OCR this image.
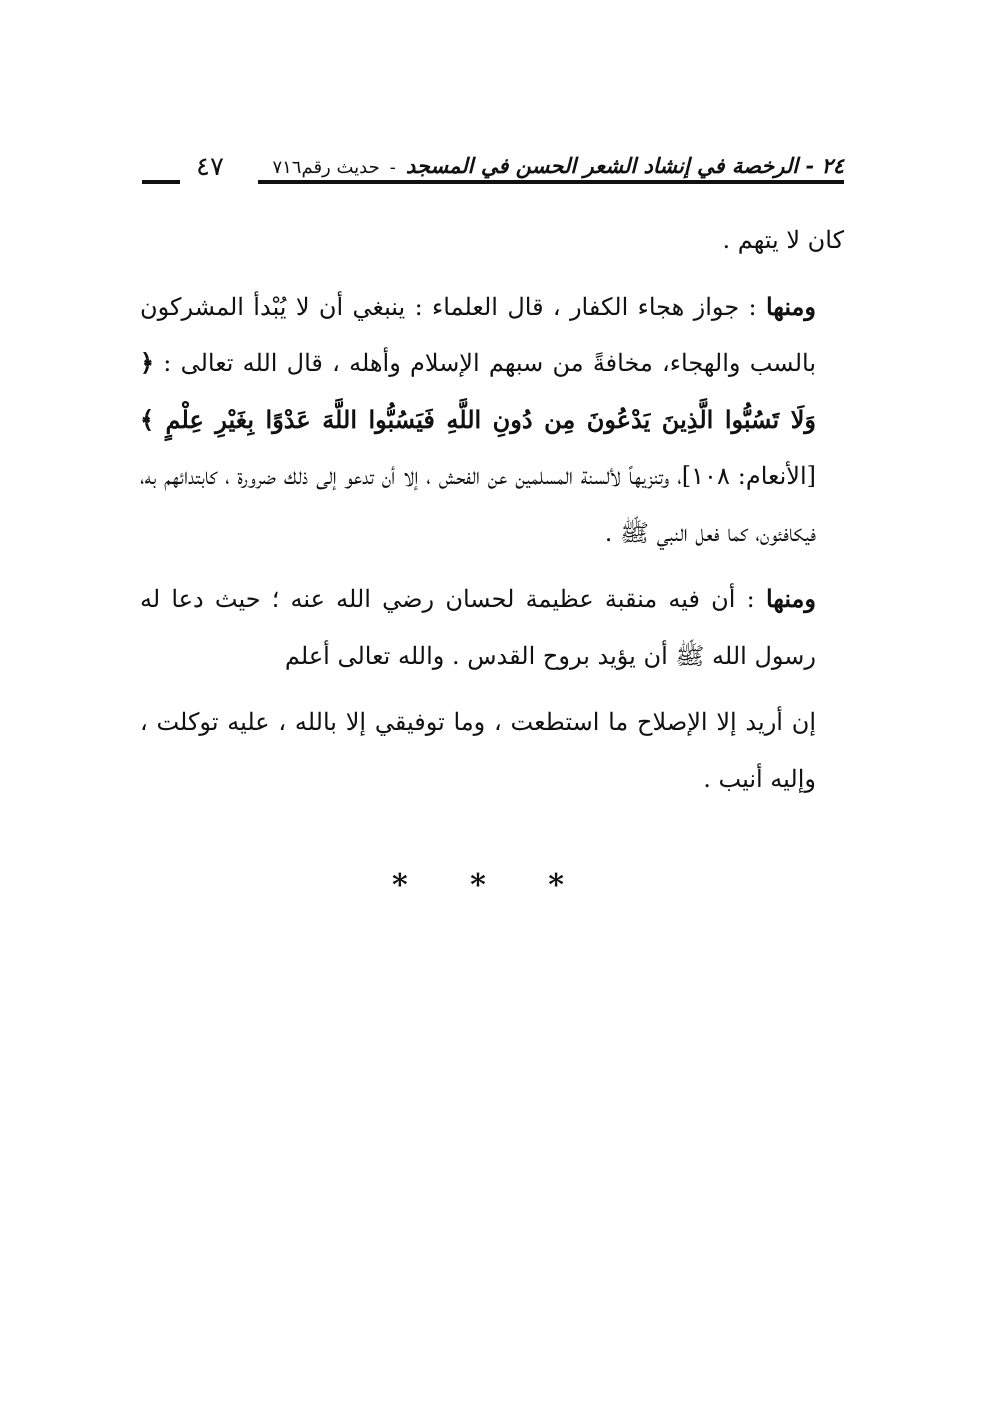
٢٤ - الرخصة في إنشاد الشعر الحسن في المسجد
-
حديث رقم٧١٦
٤٧

كان لا يتهم .

ومنها : جواز هجاء الكفار ، قال العلماء : ينبغي أن لا يُبْدأ المشركون بالسب والهجاء، مخافةً من سبهم الإسلام وأهله ، قال الله تعالى : ﴿ وَلَا تَسُبُّوا الَّذِينَ يَدْعُونَ مِن دُونِ اللَّهِ فَيَسُبُّوا اللَّهَ عَدْوًا بِغَيْرِ عِلْمٍ ﴾ [الأنعام: ١٠٨]، وتنزيهاً لألسنة المسلمين عن الفحش ، إلا أن تدعو إلى ذلك ضرورة ، كابتدائهم به، فيكافئون، كما فعل النبي ﷺ .

ومنها : أن فيه منقبة عظيمة لحسان رضي الله عنه ؛ حيث دعا له رسول الله ﷺ أن يؤيد بروح القدس . والله تعالى أعلم

إن أريد إلا الإصلاح ما استطعت ، وما توفيقي إلا بالله ، عليه توكلت ، وإليه أنيب .

* * *
